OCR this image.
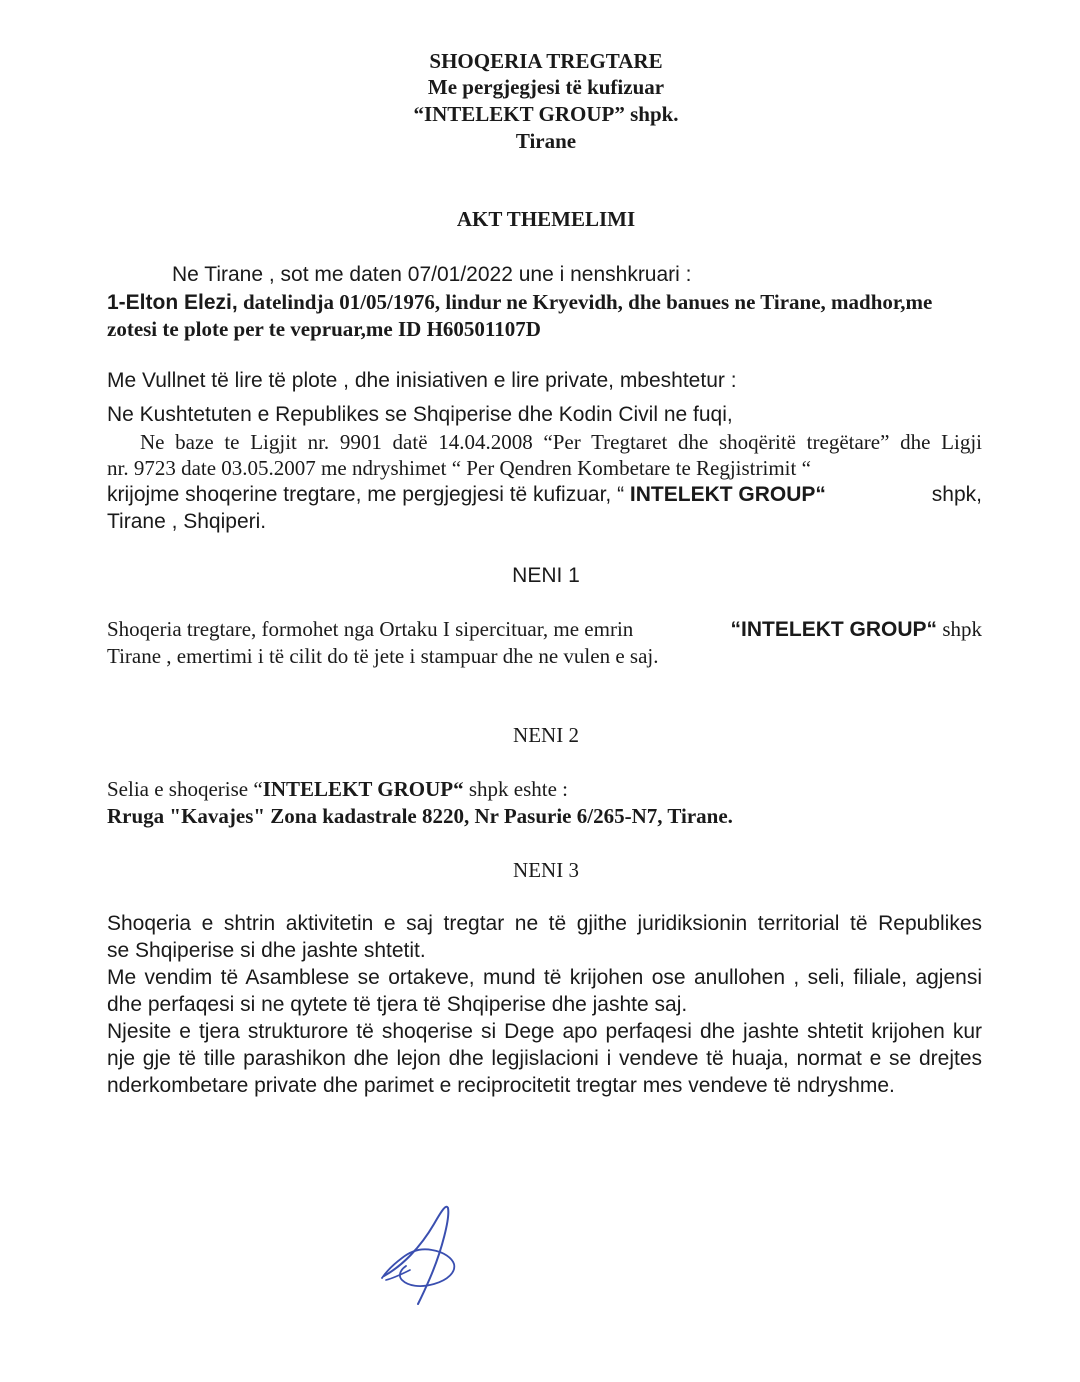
SHOQERIA TREGTARE
Me pergjegjesi të kufizuar
“INTELEKT GROUP” shpk.
Tirane
AKT THEMELIMI
Ne Tirane , sot me daten 07/01/2022 une i nenshkruari :
1-Elton Elezi, datelindja 01/05/1976, lindur ne Kryevidh, dhe banues ne Tirane, madhor,me
zotesi te plote per te vepruar,me ID H60501107D
Me Vullnet të lire të plote , dhe inisiativen e lire private, mbeshtetur :
Ne Kushtetuten e Republikes se Shqiperise dhe Kodin Civil ne fuqi,
Ne baze te Ligjit nr. 9901 datë 14.04.2008 “Per Tregtaret dhe shoqëritë tregëtare” dhe Ligji
nr. 9723 date 03.05.2007 me ndryshimet “ Per Qendren Kombetare te Regjistrimit “
krijojme shoqerine tregtare, me pergjegjesi të kufizuar, “ INTELEKT GROUP“	shpk,
Tirane , Shqiperi.
NENI 1
Shoqeria tregtare, formohet nga Ortaku I sipercituar, me emrin	“INTELEKT GROUP“ shpk
Tirane , emertimi i të cilit do të jete i stampuar dhe ne vulen e saj.
NENI 2
Selia e shoqerise “INTELEKT GROUP“ shpk eshte :
Rruga "Kavajes" Zona kadastrale 8220, Nr Pasurie 6/265-N7, Tirane.
NENI 3
Shoqeria e shtrin aktivitetin e saj tregtar ne të gjithe juridiksionin territorial të Republikes
se Shqiperise si dhe jashte shtetit.
Me vendim të Asamblese se ortakeve, mund të krijohen ose anullohen , seli, filiale, agjensi
dhe perfaqesi si ne qytete të tjera të Shqiperise dhe jashte saj.
Njesite e tjera strukturore të shoqerise si Dege apo perfaqesi dhe jashte shtetit krijohen kur
nje gje të tille parashikon dhe lejon dhe legjislacioni i vendeve të huaja, normat e se drejtes
nderkombetare private dhe parimet e reciprocitetit tregtar mes vendeve të ndryshme.
